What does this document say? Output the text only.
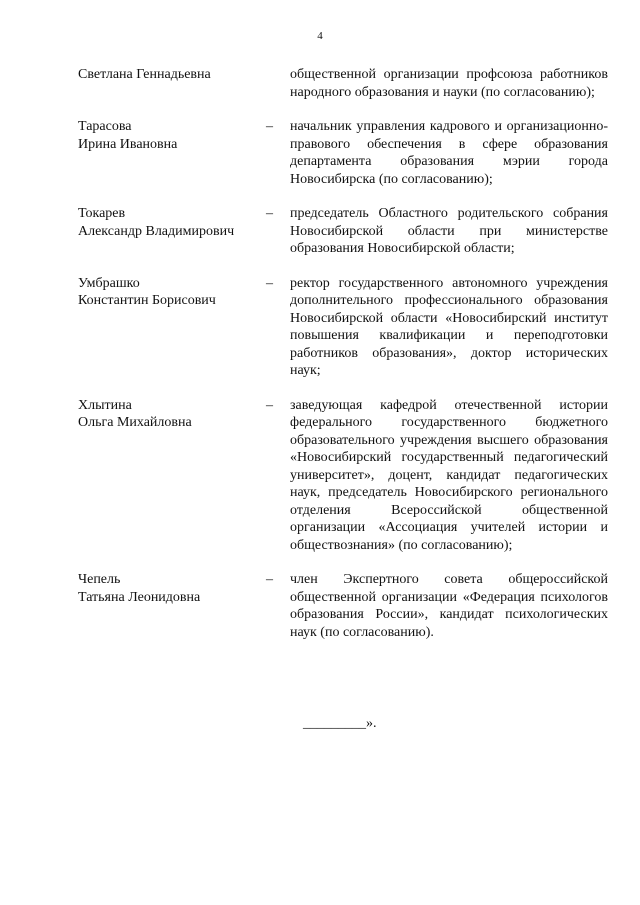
4
Светлана Геннадьевна	общественной организации профсоюза работников народного образования и науки (по согласованию);
Тарасова
Ирина Ивановна
–	начальник управления кадрового и организационно-правового обеспечения в сфере образования департамента образования мэрии города Новосибирска (по согласованию);
Токарев
Александр Владимирович
–	председатель Областного родительского собрания Новосибирской области при министерстве образования Новосибирской области;
Умбрашко
Константин Борисович
–	ректор государственного автономного учреждения дополнительного профессионального образования Новосибирской области «Новосибирский институт повышения квалификации и переподготовки работников образования», доктор исторических наук;
Хлытина
Ольга Михайловна
–	заведующая кафедрой отечественной истории федерального государственного бюджетного образовательного учреждения высшего образования «Новосибирский государственный педагогический университет», доцент, кандидат педагогических наук, председатель Новосибирского регионального отделения Всероссийской общественной организации «Ассоциация учителей истории и обществознания» (по согласованию);
Чепель
Татьяна Леонидовна
–	член Экспертного совета общероссийской общественной организации «Федерация психологов образования России», кандидат психологических наук (по согласованию).
_________».
